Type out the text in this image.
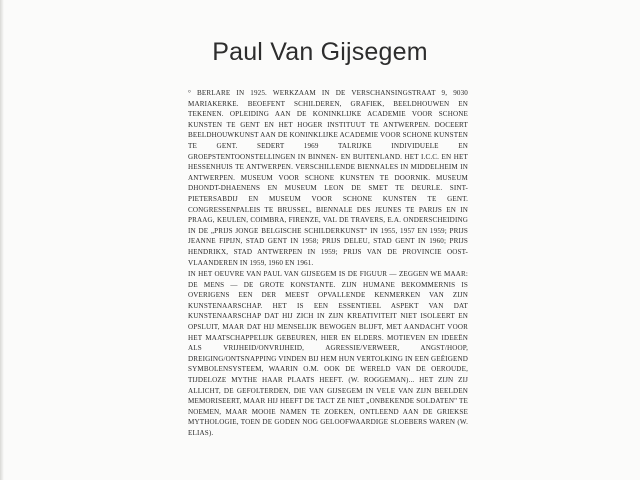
Paul Van Gijsegem

° BERLARE IN 1925. WERKZAAM IN DE VERSCHANSINGSTRAAT 9, 9030 MARIAKERKE. BEOEFENT SCHILDEREN, GRAFIEK, BEELDHOUWEN EN TEKENEN. OPLEIDING AAN DE KONINKLIJKE ACADEMIE VOOR SCHONE KUNSTEN TE GENT EN HET HOGER INSTITUUT TE ANTWERPEN. DOCEERT BEELDHOUWKUNST AAN DE KONINKLIJKE ACADEMIE VOOR SCHONE KUNSTEN TE GENT. SEDERT 1969 TALRIJKE INDIVIDUELE EN GROEPSTENTOONSTELLINGEN IN BINNEN- EN BUITENLAND. HET I.C.C. EN HET HESSENHUIS TE ANTWERPEN. VERSCHILLENDE BIENNALES IN MIDDELHEIM IN ANTWERPEN. MUSEUM VOOR SCHONE KUNSTEN TE DOORNIK. MUSEUM DHONDT-DHAENENS EN MUSEUM LEON DE SMET TE DEURLE. SINT-PIETERSABDIJ EN MUSEUM VOOR SCHONE KUNSTEN TE GENT. CONGRESSENPALEIS TE BRUSSEL, BIENNALE DES JEUNES TE PARIJS EN IN PRAAG, KEULEN, COIMBRA, FIRENZE, VAL DE TRAVERS, E.A. ONDERSCHEIDING IN DE „PRIJS JONGE BELGISCHE SCHILDERKUNST" IN 1955, 1957 EN 1959; PRIJS JEANNE FIPIJN, STAD GENT IN 1958; PRIJS DELEU, STAD GENT IN 1960; PRIJS HENDRIKX, STAD ANTWERPEN IN 1959; PRIJS VAN DE PROVINCIE OOST-VLAANDEREN IN 1959, 1960 EN 1961.

IN HET OEUVRE VAN PAUL VAN GIJSEGEM IS DE FIGUUR — ZEGGEN WE MAAR: DE MENS — DE GROTE KONSTANTE. ZIJN HUMANE BEKOMMERNIS IS OVERIGENS EEN DER MEEST OPVALLENDE KENMERKEN VAN ZIJN KUNSTENAARSCHAP. HET IS EEN ESSENTIEEL ASPEKT VAN DAT KUNSTENAARSCHAP DAT HIJ ZICH IN ZIJN KREATIVITEIT NIET ISOLEERT EN OPSLUIT, MAAR DAT HIJ MENSELIJK BEWOGEN BLIJFT, MET AANDACHT VOOR HET MAATSCHAPPELIJK GEBEUREN, HIER EN ELDERS. MOTIEVEN EN IDEEËN ALS VRIJHEID/ONVRIJHEID, AGRESSIE/VERWEER, ANGST/HOOP, DREIGING/ONTSNAPPING VINDEN BIJ HEM HUN VERTOLKING IN EEN GEËIGEND SYMBOLENSYSTEEM, WAARIN O.M. OOK DE WERELD VAN DE OEROUDE, TIJDELOZE MYTHE HAAR PLAATS HEEFT. (W. ROGGEMAN)... HET ZIJN ZIJ ALLICHT, DE GEFOLTERDEN, DIE VAN GIJSEGEM IN VELE VAN ZIJN BEELDEN MEMORISEERT, MAAR HIJ HEEFT DE TACT ZE NIET „ONBEKENDE SOLDATEN" TE NOEMEN, MAAR MOOIE NAMEN TE ZOEKEN, ONTLEEND AAN DE GRIEKSE MYTHOLOGIE, TOEN DE GODEN NOG GELOOFWAARDIGE SLOEBERS WAREN (W. ELIAS).
